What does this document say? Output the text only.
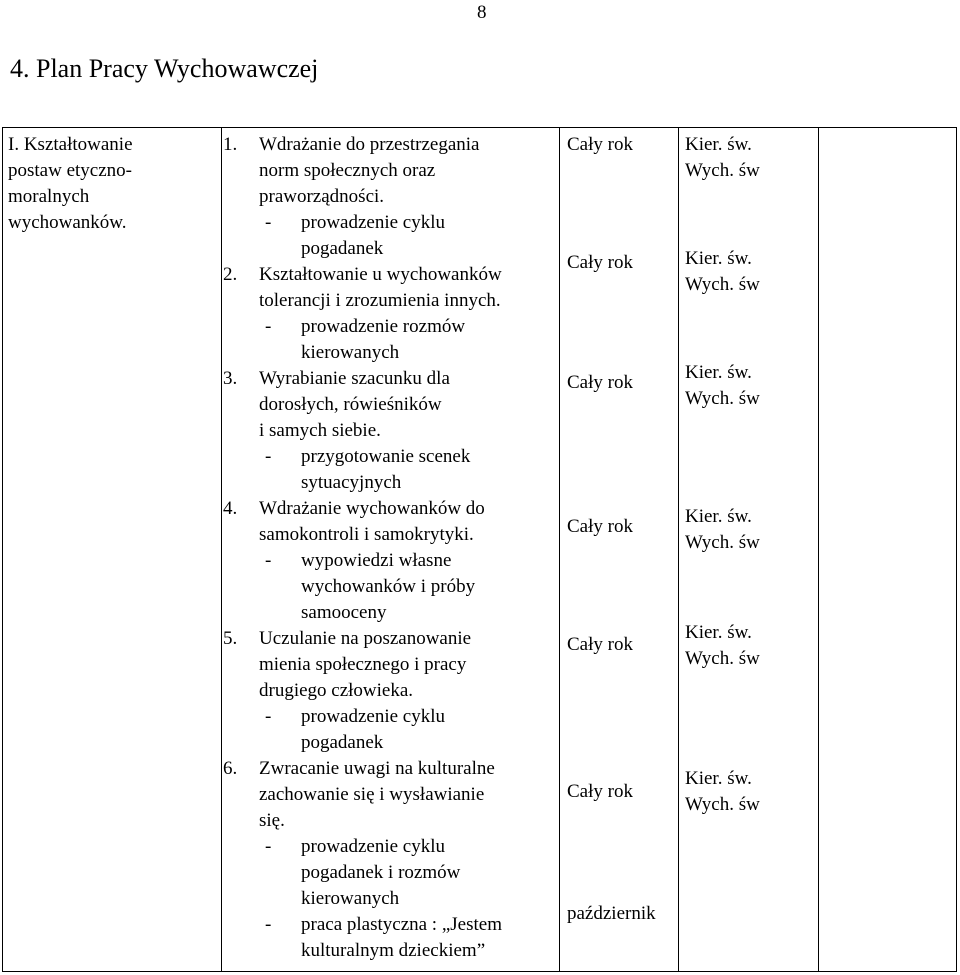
8
4. Plan Pracy Wychowawczej
I. Kształtowanie
postaw etyczno-
moralnych
wychowanków.
1. Wdrażanie do przestrzegania
norm społecznych oraz
praworządności.
- prowadzenie cyklu
pogadanek
2. Kształtowanie u wychowanków
tolerancji i zrozumienia innych.
- prowadzenie rozmów
kierowanych
3. Wyrabianie szacunku dla
dorosłych, rówieśników
i samych siebie.
- przygotowanie scenek
sytuacyjnych
4. Wdrażanie wychowanków do
samokontroli i samokrytyki.
- wypowiedzi własne
wychowanków i próby
samooceny
5. Uczulanie na poszanowanie
mienia społecznego i pracy
drugiego człowieka.
- prowadzenie cyklu
pogadanek
6. Zwracanie uwagi na kulturalne
zachowanie się i wysławianie
się.
- prowadzenie cyklu
pogadanek i rozmów
kierowanych
- praca plastyczna : „Jestem
kulturalnym dzieckiem”
Cały rok
Cały rok
Cały rok
Cały rok
Cały rok
Cały rok
październik
Kier. św.
Wych. św
Kier. św.
Wych. św
Kier. św.
Wych. św
Kier. św.
Wych. św
Kier. św.
Wych. św
Kier. św.
Wych. św
